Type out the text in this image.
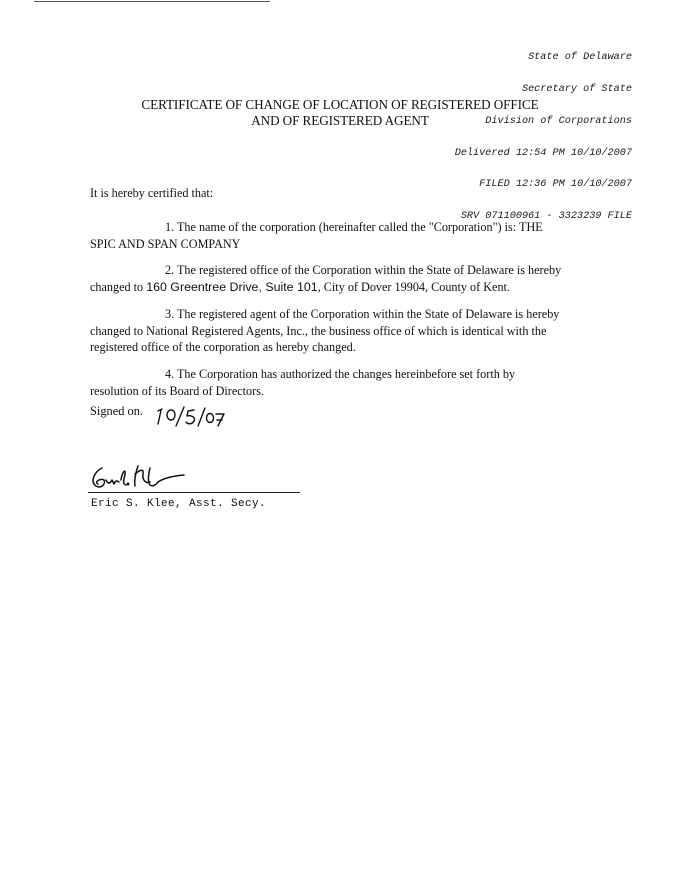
State of Delaware

Secretary of State

Division of Corporations

Delivered 12:54 PM 10/10/2007

FILED 12:36 PM 10/10/2007

SRV 071100961 - 3323239 FILE

CERTIFICATE OF CHANGE OF LOCATION OF REGISTERED OFFICE
AND OF REGISTERED AGENT
It is hereby certified that:
1. The name of the corporation (hereinafter called the "Corporation") is: THE
SPIC AND SPAN COMPANY
2. The registered office of the Corporation within the State of Delaware is hereby
changed to 160 Greentree Drive, Suite 101, City of Dover 19904, County of Kent.
3. The registered agent of the Corporation within the State of Delaware is hereby
changed to National Registered Agents, Inc., the business office of which is identical with the
registered office of the corporation as hereby changed.
4. The Corporation has authorized the changes hereinbefore set forth by
resolution of its Board of Directors.
Signed on.
Eric S. Klee, Asst. Secy.
